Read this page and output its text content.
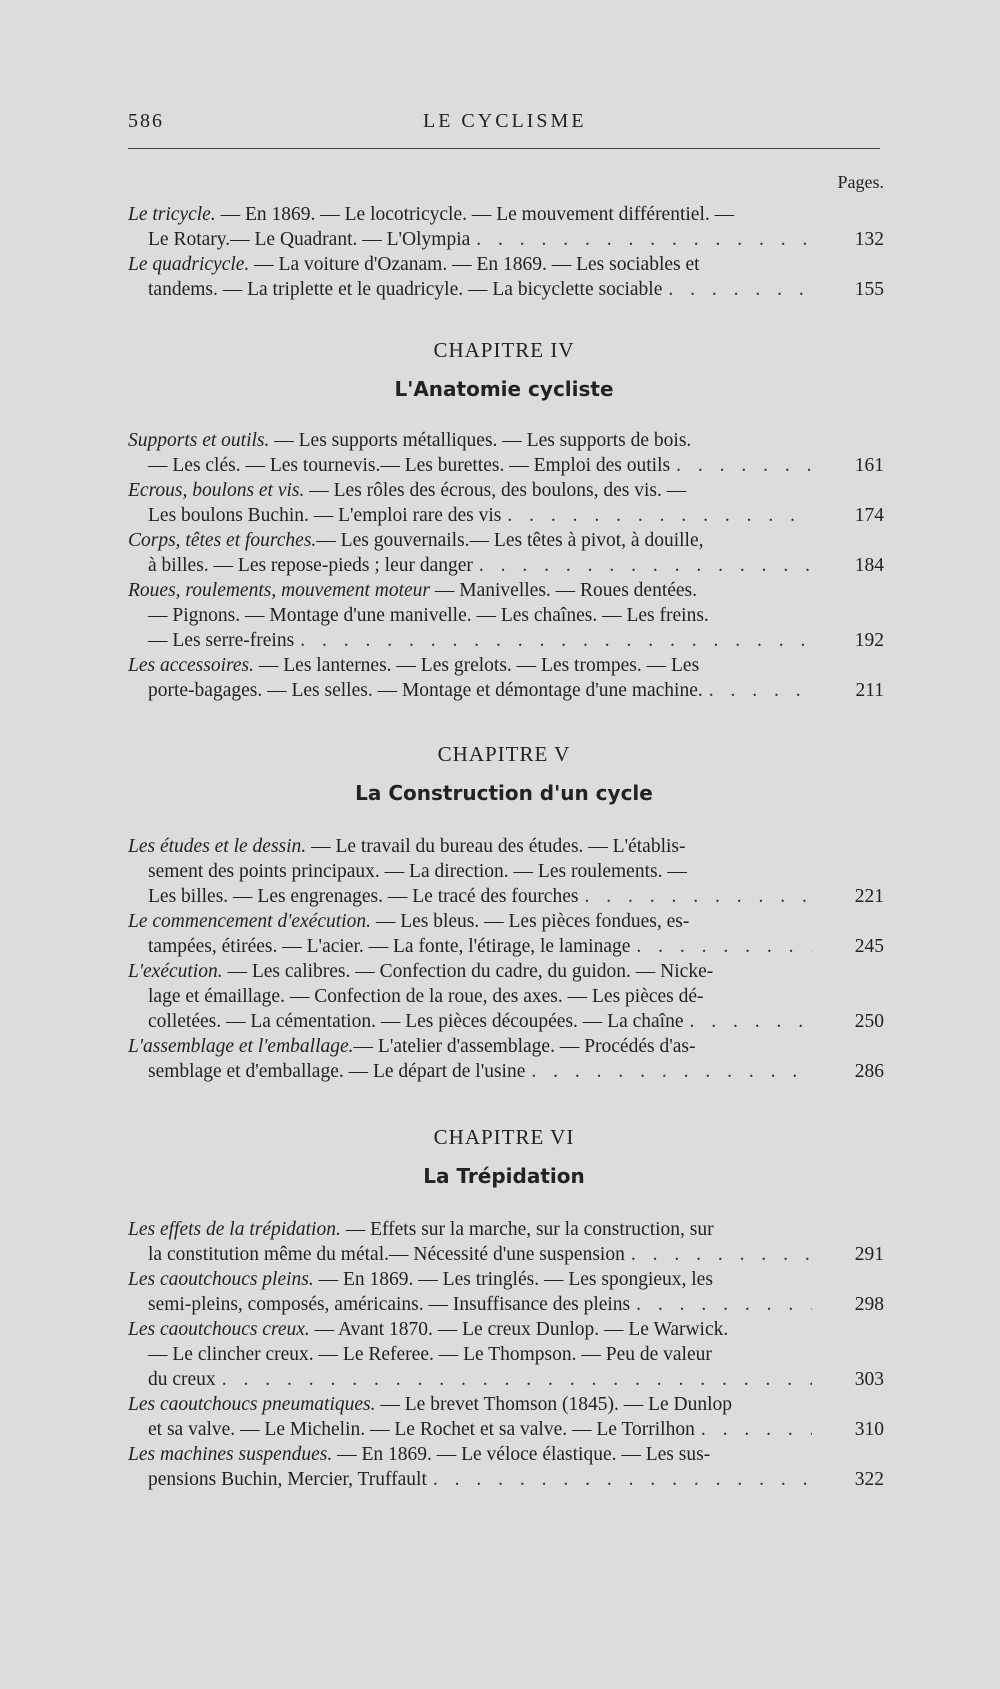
586	LE CYCLISME
Pages.
Le tricycle. — En 1869. — Le locotricycle. — Le mouvement différentiel. —
Le Rotary.— Le Quadrant. — L'Olympia . . .	132
Le quadricycle. — La voiture d'Ozanam. — En 1869. — Les sociables et
tandems. — La triplette et le quadricyle. — La bicyclette sociable . . .	155
CHAPITRE IV
L'Anatomie cycliste
Supports et outils. — Les supports métalliques. — Les supports de bois.
— Les clés. — Les tournevis.— Les burettes. — Emploi des outils . . .	161
Ecrous, boulons et vis. — Les rôles des écrous, des boulons, des vis. —
Les boulons Buchin. — L'emploi rare des vis . . .	174
Corps, têtes et fourches.— Les gouvernails.— Les têtes à pivot, à douille,
à billes. — Les repose-pieds ; leur danger . . .	184
Roues, roulements, mouvement moteur — Manivelles. — Roues dentées.
— Pignons. — Montage d'une manivelle. — Les chaînes. — Les freins.
— Les serre-freins . . .	192
Les accessoires. — Les lanternes. — Les grelots. — Les trompes. — Les
porte-bagages. — Les selles. — Montage et démontage d'une machine. . . .	211
CHAPITRE V
La Construction d'un cycle
Les études et le dessin. — Le travail du bureau des études. — L'établis-
sement des points principaux. — La direction. — Les roulements. —
Les billes. — Les engrenages. — Le tracé des fourches . . .	221
Le commencement d'exécution. — Les bleus. — Les pièces fondues, es-
tampées, étirées. — L'acier. — La fonte, l'étirage, le laminage . . .	245
L'exécution. — Les calibres. — Confection du cadre, du guidon. — Nicke-
lage et émaillage. — Confection de la roue, des axes. — Les pièces dé-
colletées. — La cémentation. — Les pièces découpées. — La chaîne . . .	250
L'assemblage et l'emballage.— L'atelier d'assemblage. — Procédés d'as-
semblage et d'emballage. — Le départ de l'usine . . .	286
CHAPITRE VI
La Trépidation
Les effets de la trépidation. — Effets sur la marche, sur la construction, sur
la constitution même du métal.— Nécessité d'une suspension . . .	291
Les caoutchoucs pleins. — En 1869. — Les tringlés. — Les spongieux, les
semi-pleins, composés, américains. — Insuffisance des pleins . . .	298
Les caoutchoucs creux. — Avant 1870. — Le creux Dunlop. — Le Warwick.
— Le clincher creux. — Le Referee. — Le Thompson. — Peu de valeur
du creux . . .	303
Les caoutchoucs pneumatiques. — Le brevet Thomson (1845). — Le Dunlop
et sa valve. — Le Michelin. — Le Rochet et sa valve. — Le Torrilhon . . .	310
Les machines suspendues. — En 1869. — Le véloce élastique. — Les sus-
pensions Buchin, Mercier, Truffault . . .	322
